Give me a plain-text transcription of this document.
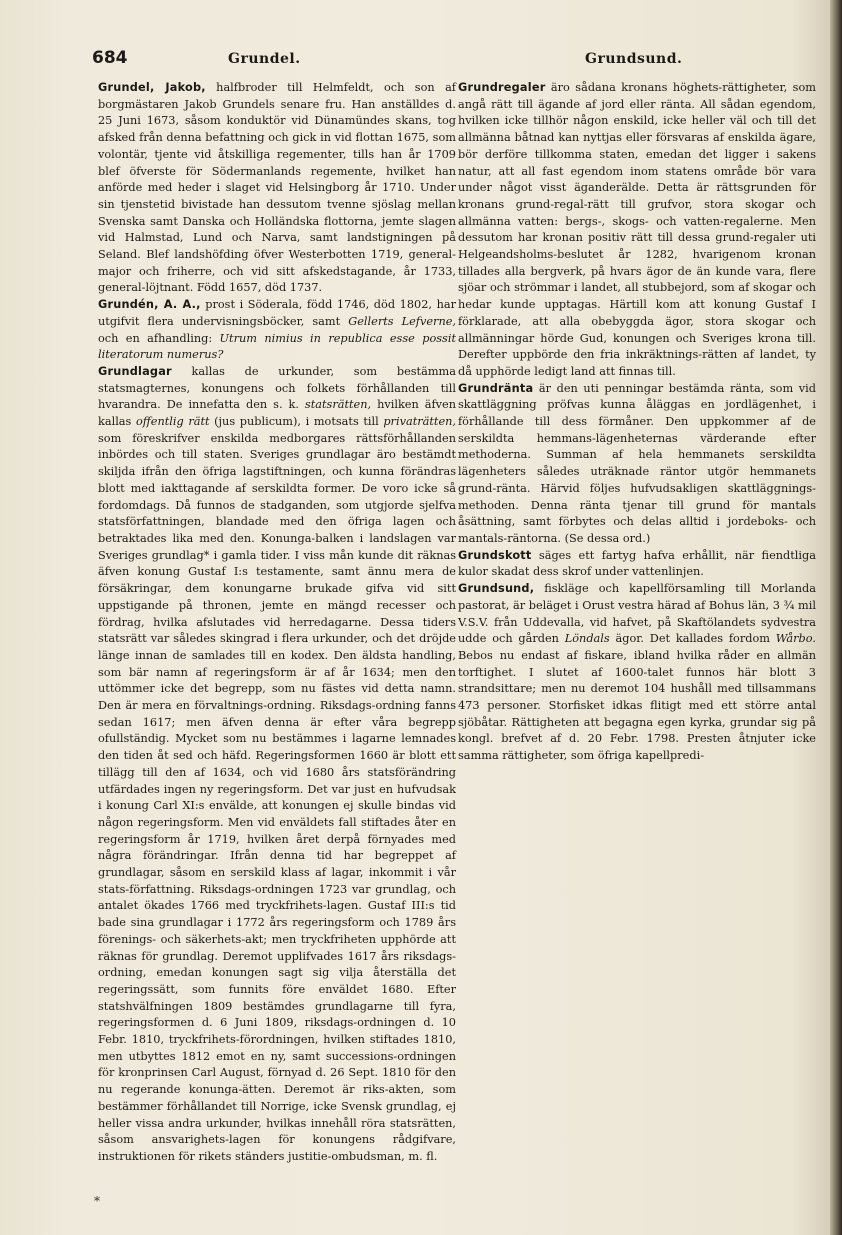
684	Grundel.	Grundsund.

Grundel, Jakob, halfbroder till Helmfeldt, och son af borgmästaren Jakob Grundels senare fru. Han anställdes d. 25 Juni 1673, såsom konduktör vid Dünamündes skans, tog afsked från denna befattning och gick in vid flottan 1675, som volontär, tjente vid åtskilliga regementer, tills han år 1709 blef öfverste för Södermanlands regemente, hvilket han anförde med heder i slaget vid Helsingborg år 1710. Under sin tjenstetid bivistade han dessutom tvenne sjöslag mellan Svenska samt Danska och Holländska flottorna, jemte slagen vid Halmstad, Lund och Narva, samt landstigningen på Seland. Blef landshöfding öfver Westerbotten 1719, general-major och friherre, och vid sitt afskedstagande, år 1733, general-löjtnant. Född 1657, död 1737.

Grundén, A. A., prost i Söderala, född 1746, död 1802, har utgifvit flera undervisningsböcker, samt Gellerts Lefverne, och en afhandling: Utrum nimius in republica esse possit literatorum numerus?

Grundlagar kallas de urkunder, som bestämma statsmagternes, konungens och folkets förhållanden till hvarandra. De innefatta den s. k. statsrätten, hvilken äfven kallas offentlig rätt (jus publicum), i motsats till privaträtten, som föreskrifver enskilda medborgares rättsförhållanden inbördes och till staten. Sveriges grundlagar äro bestämdt skiljda ifrån den öfriga lagstiftningen, och kunna förändras blott med iakttagande af serskildta former. De voro icke så fordomdags. Då funnos de stadganden, som utgjorde sjelfva statsförfattningen, blandade med den öfriga lagen och betraktades lika med den. Konunga-balken i landslagen var Sveriges grundlag* i gamla tider. I viss mån kunde dit räknas äfven konung Gustaf I:s testamente, samt ännu mera de försäkringar, dem konungarne brukade gifva vid sitt uppstigande på thronen, jemte en mängd recesser och fördrag, hvilka afslutades vid herredagarne. Dessa tiders statsrätt var således skingrad i flera urkunder, och det dröjde länge innan de samlades till en kodex. Den äldsta handling, som bär namn af regeringsform är af år 1634; men den uttömmer icke det begrepp, som nu fästes vid detta namn. Den är mera en förvaltnings-ordning. Riksdags-ordning fanns sedan 1617; men äfven denna är efter våra begrepp ofullständig. Mycket som nu bestämmes i lagarne lemnades den tiden åt sed och häfd. Regeringsformen 1660 är blott ett tillägg till den af 1634, och vid 1680 års statsförändring utfärdades ingen ny regeringsform. Det var just en hufvudsak i konung Carl XI:s envälde, att konungen ej skulle bindas vid någon regeringsform. Men vid enväldets fall stiftades åter en regeringsform år 1719, hvilken året derpå förnyades med några förändringar. Ifrån denna tid har begreppet af grundlagar, såsom en serskild klass af lagar, inkommit i vår stats-författning. Riksdags-ordningen 1723 var grundlag, och antalet ökades 1766 med tryckfrihets-lagen. Gustaf III:s tid bade sina grundlagar i 1772 års regeringsform och 1789 års förenings- och säkerhets-akt; men tryckfriheten upphörde att räknas för grundlag. Deremot upplifvades 1617 års riksdags-ordning, emedan konungen sagt sig vilja återställa det regeringssätt, som funnits före enväldet 1680. Efter statshvälfningen 1809 bestämdes grundlagarne till fyra, regeringsformen d. 6 Juni 1809, riksdags-ordningen d. 10 Febr. 1810, tryckfrihets-förordningen, hvilken stiftades 1810, men utbyttes 1812 emot en ny, samt successions-ordningen för kronprinsen Carl August, förnyad d. 26 Sept. 1810 för den nu regerande konunga-ätten. Deremot är riks-akten, som bestämmer förhållandet till Norrige, icke Svensk grundlag, ej heller vissa andra urkunder, hvilkas innehåll röra statsrätten, såsom ansvarighets-lagen för konungens rådgifvare, instruktionen för rikets ständers justitie-ombudsman, m. fl.

Grundregaler äro sådana kronans höghets-rättigheter, som angå rätt till ägande af jord eller ränta. All sådan egendom, hvilken icke tillhör någon enskild, icke heller väl och till det allmänna båtnad kan nyttjas eller försvaras af enskilda ägare, bör derföre tillkomma staten, emedan det ligger i sakens natur, att all fast egendom inom statens område bör vara under något visst äganderälde. Detta är rättsgrunden för kronans grund-regal-rätt till grufvor, stora skogar och allmänna vatten: bergs-, skogs- och vatten-regalerne. Men dessutom har kronan positiv rätt till dessa grund-regaler uti Helgeandsholms-beslutet år 1282, hvarigenom kronan tillades alla bergverk, på hvars ägor de än kunde vara, flere sjöar och strömmar i landet, all stubbejord, som af skogar och hedar kunde upptagas. Härtill kom att konung Gustaf I förklarade, att alla obebyggda ägor, stora skogar och allmänningar hörde Gud, konungen och Sveriges krona till. Derefter uppbörde den fria inkräktnings-rätten af landet, ty då upphörde ledigt land att finnas till.

Grundränta är den uti penningar bestämda ränta, som vid skattläggning pröfvas kunna åläggas en jordlägenhet, i förhållande till dess förmåner. Den uppkommer af de serskildta hemmans-lägenheternas värderande efter methoderna. Summan af hela hemmanets serskildta lägenheters således uträknade räntor utgör hemmanets grund-ränta. Härvid följes hufvudsakligen skattläggnings-methoden. Denna ränta tjenar till grund för mantals åsättning, samt förbytes och delas alltid i jordeboks- och mantals-räntorna. (Se dessa ord.)

Grundskott säges ett fartyg hafva erhållit, när fiendtliga kulor skadat dess skrof under vattenlinjen.

Grundsund, fiskläge och kapellförsamling till Morlanda pastorat, är beläget i Orust vestra härad af Bohus län, 3 ¾ mil V.S.V. från Uddevalla, vid hafvet, på Skaftölandets sydvestra udde och gården Löndals ägor. Det kallades fordom Wårbo. Bebos nu endast af fiskare, ibland hvilka råder en allmän torftighet. I slutet af 1600-talet funnos här blott 3 strandsittare; men nu deremot 104 hushåll med tillsammans 473 personer. Storfisket idkas flitigt med ett större antal sjöbåtar. Rättigheten att begagna egen kyrka, grundar sig på kongl. brefvet af d. 20 Febr. 1798. Presten åtnjuter icke samma rättigheter, som öfriga kapellpredi-

*
